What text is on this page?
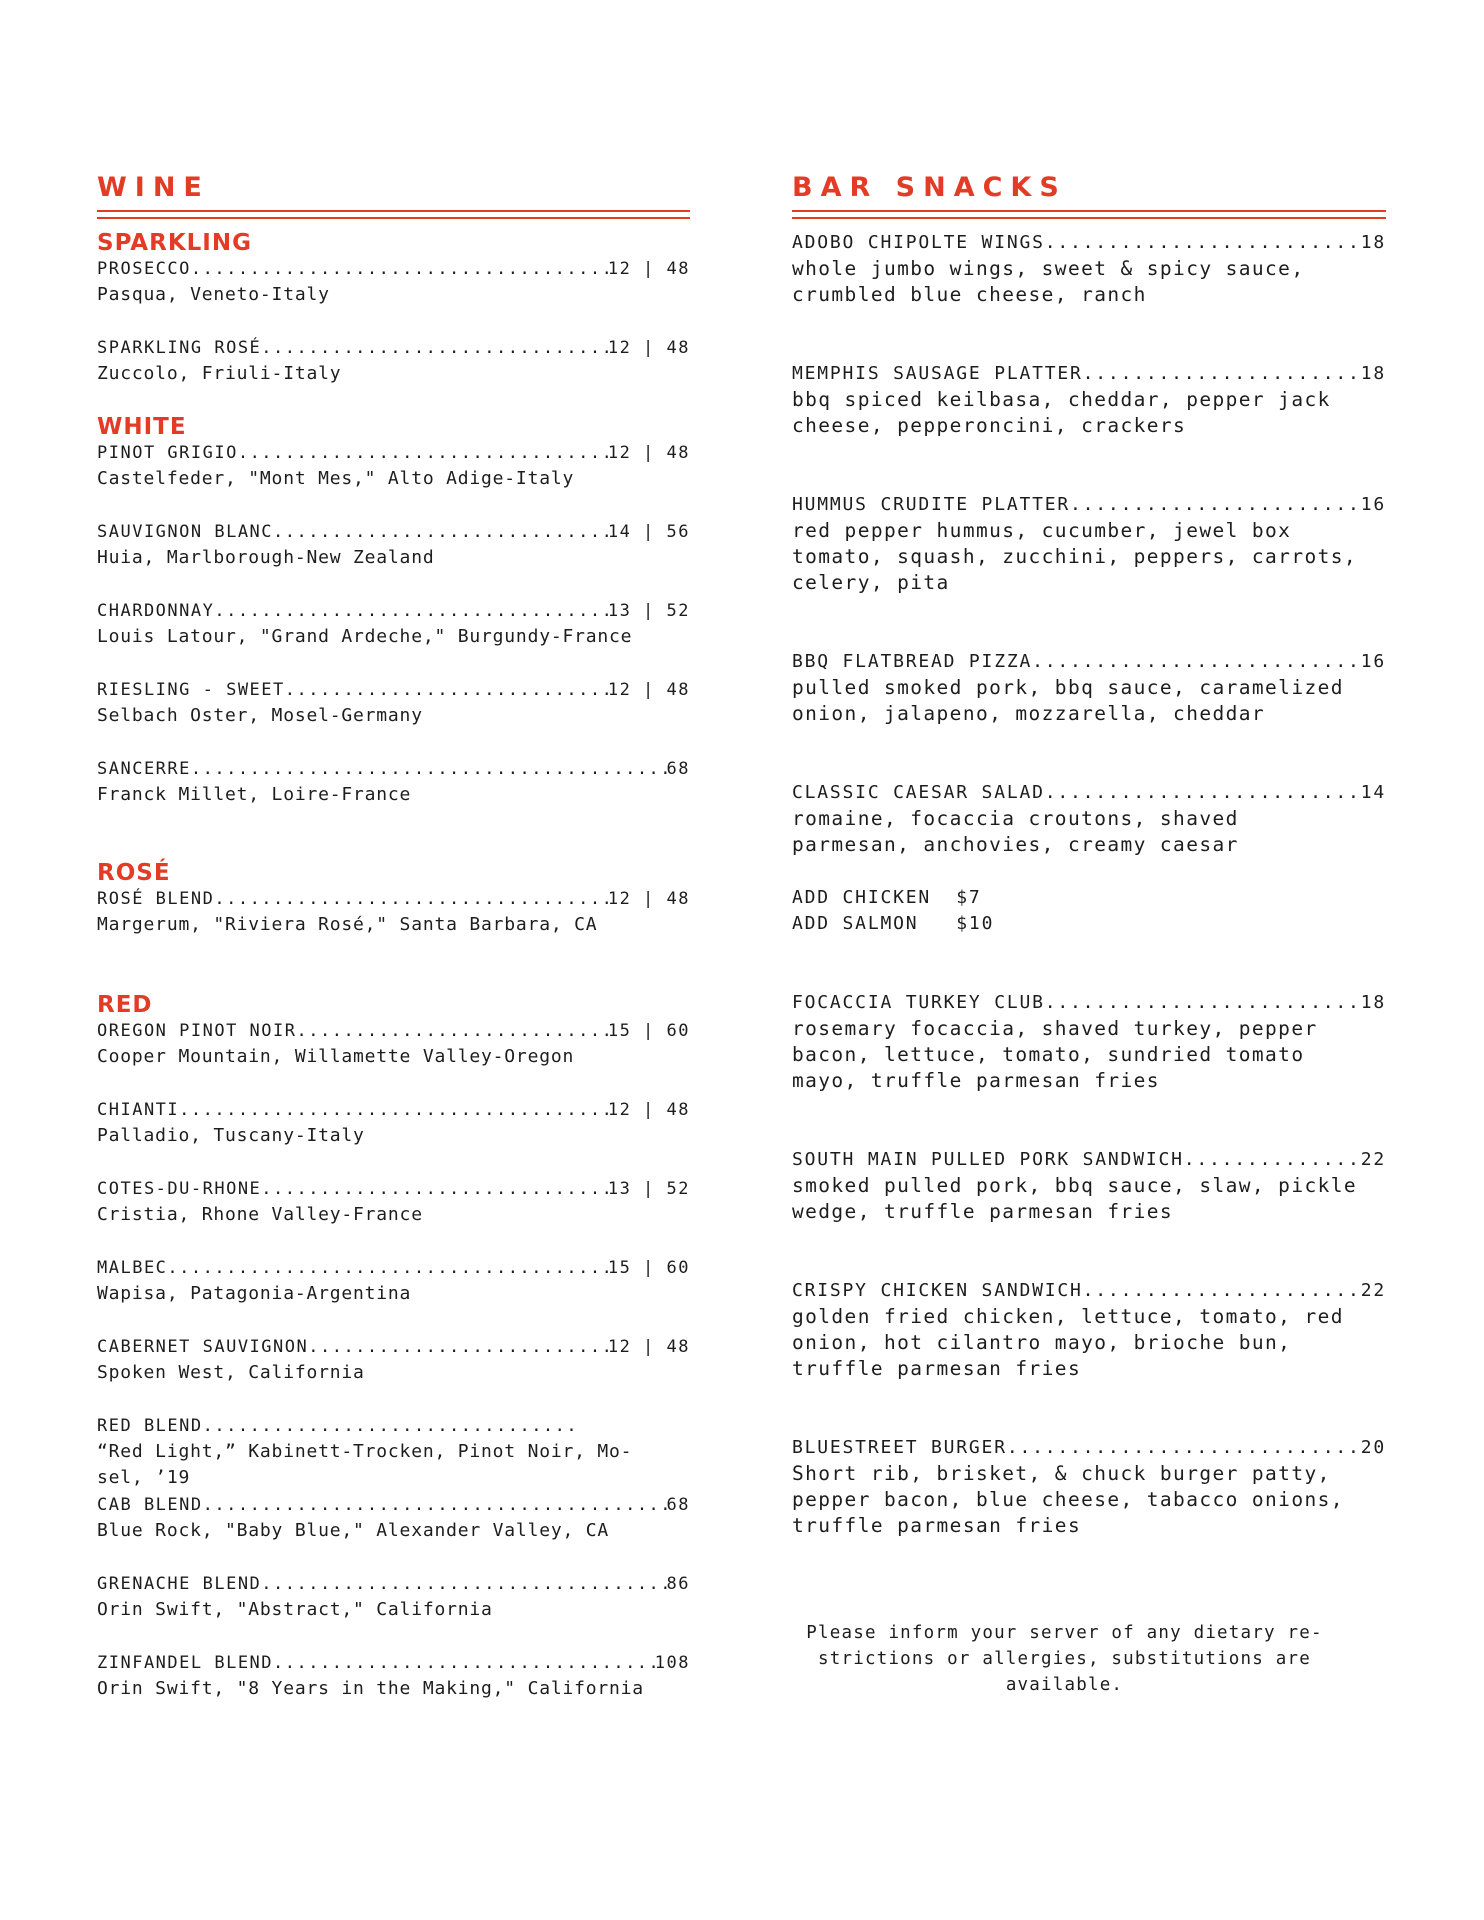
WINE
SPARKLING
PROSECCO .....	12 | 48
Pasqua, Veneto-Italy
SPARKLING ROSÉ .....	12 | 48
Zuccolo, Friuli-Italy
WHITE
PINOT GRIGIO .....	12 | 48
Castelfeder, "Mont Mes," Alto Adige-Italy
SAUVIGNON BLANC .....	14 | 56
Huia, Marlborough-New Zealand
CHARDONNAY .....	13 | 52
Louis Latour, "Grand Ardeche," Burgundy-France
RIESLING - SWEET .....	12 | 48
Selbach Oster, Mosel-Germany
SANCERRE .....	68
Franck Millet, Loire-France
ROSÉ
ROSÉ BLEND .....	12 | 48
Margerum, "Riviera Rosé," Santa Barbara, CA
RED
OREGON PINOT NOIR .....	15 | 60
Cooper Mountain, Willamette Valley-Oregon
CHIANTI .....	12 | 48
Palladio, Tuscany-Italy
COTES-DU-RHONE .....	13 | 52
Cristia, Rhone Valley-France
MALBEC .....	15 | 60
Wapisa, Patagonia-Argentina
CABERNET SAUVIGNON .....	12 | 48
Spoken West, California
RED BLEND
.....
“Red Light,” Kabinett-Trocken, Pinot Noir, Mo-
sel, ’19
CAB BLEND .....	68
Blue Rock, "Baby Blue," Alexander Valley, CA
GRENACHE BLEND .....	86
Orin Swift, "Abstract," California
ZINFANDEL BLEND .....	108
Orin Swift, "8 Years in the Making," California
BAR SNACKS
ADOBO CHIPOLTE WINGS .....	18
whole jumbo wings, sweet & spicy sauce,
crumbled blue cheese, ranch
MEMPHIS SAUSAGE PLATTER .....	18
bbq spiced keilbasa, cheddar, pepper jack
cheese, pepperoncini, crackers
HUMMUS CRUDITE PLATTER .....	16
red pepper hummus, cucumber, jewel box
tomato, squash, zucchini, peppers, carrots,
celery, pita
BBQ FLATBREAD PIZZA .....	16
pulled smoked pork, bbq sauce, caramelized
onion, jalapeno, mozzarella, cheddar
CLASSIC CAESAR SALAD .....	14
romaine, focaccia croutons, shaved
parmesan, anchovies, creamy caesar
ADD CHICKEN $7
ADD SALMON $10
FOCACCIA TURKEY CLUB .....	18
rosemary focaccia, shaved turkey, pepper
bacon, lettuce, tomato, sundried tomato
mayo, truffle parmesan fries
SOUTH MAIN PULLED PORK SANDWICH .....	22
smoked pulled pork, bbq sauce, slaw, pickle
wedge, truffle parmesan fries
CRISPY CHICKEN SANDWICH .....	22
golden fried chicken, lettuce, tomato, red
onion, hot cilantro mayo, brioche bun,
truffle parmesan fries
BLUESTREET BURGER .....	20
Short rib, brisket, & chuck burger patty,
pepper bacon, blue cheese, tabacco onions,
truffle parmesan fries
Please inform your server of any dietary re-
strictions or allergies, substitutions are
available.
